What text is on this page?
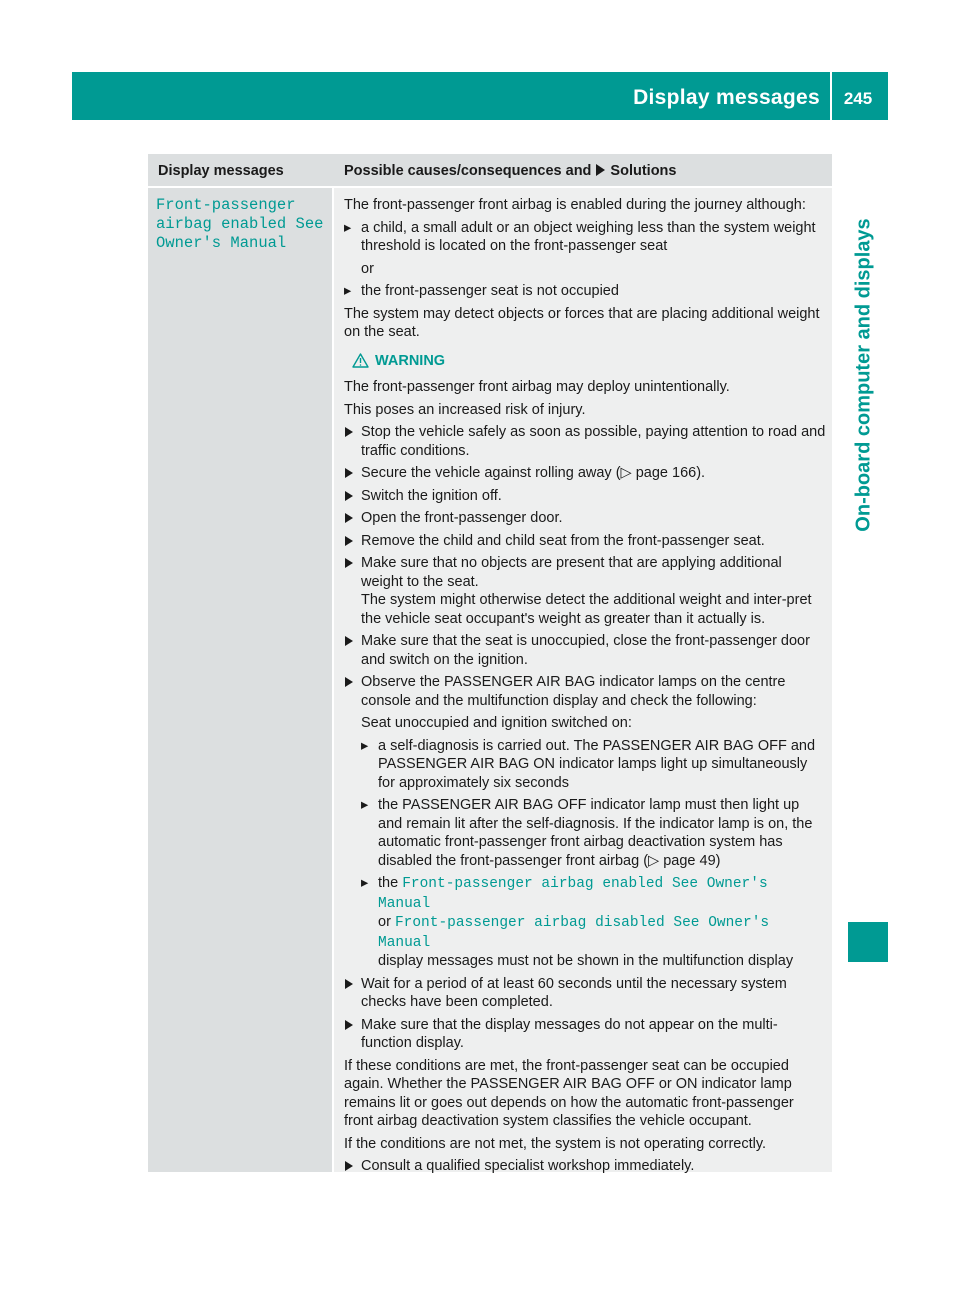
Display messages	245
On-board computer and displays
Display messages	Possible causes/consequences and Solutions
Front-passenger airbag enabled See Owner's Manual

The front-passenger front airbag is enabled during the journey although:

▸ a child, a small adult or an object weighing less than the system weight threshold is located on the front-passenger seat
or
▸ the front-passenger seat is not occupied

The system may detect objects or forces that are placing additional weight on the seat.

WARNING

The front-passenger front airbag may deploy unintentionally.

This poses an increased risk of injury.

Stop the vehicle safely as soon as possible, paying attention to road and traffic conditions.
Secure the vehicle against rolling away (▷ page 166).
Switch the ignition off.
Open the front-passenger door.
Remove the child and child seat from the front-passenger seat.
Make sure that no objects are present that are applying additional weight to the seat.
The system might otherwise detect the additional weight and inter-pret the vehicle seat occupant's weight as greater than it actually is.
Make sure that the seat is unoccupied, close the front-passenger door and switch on the ignition.
Observe the PASSENGER AIR BAG indicator lamps on the centre console and the multifunction display and check the following:
Seat unoccupied and ignition switched on:
▸ a self-diagnosis is carried out. The PASSENGER AIR BAG OFF and PASSENGER AIR BAG ON indicator lamps light up simultaneously for approximately six seconds
▸ the PASSENGER AIR BAG OFF indicator lamp must then light up and remain lit after the self-diagnosis. If the indicator lamp is on, the automatic front-passenger front airbag deactivation system has disabled the front-passenger front airbag (▷ page 49)
▸ the Front-passenger airbag enabled See Owner's Manual
or Front-passenger airbag disabled See Owner's Manual
display messages must not be shown in the multifunction display
Wait for a period of at least 60 seconds until the necessary system checks have been completed.
Make sure that the display messages do not appear on the multi-function display.

If these conditions are met, the front-passenger seat can be occupied again. Whether the PASSENGER AIR BAG OFF or ON indicator lamp remains lit or goes out depends on how the automatic front-passenger front airbag deactivation system classifies the vehicle occupant.

If the conditions are not met, the system is not operating correctly.

Consult a qualified specialist workshop immediately.
